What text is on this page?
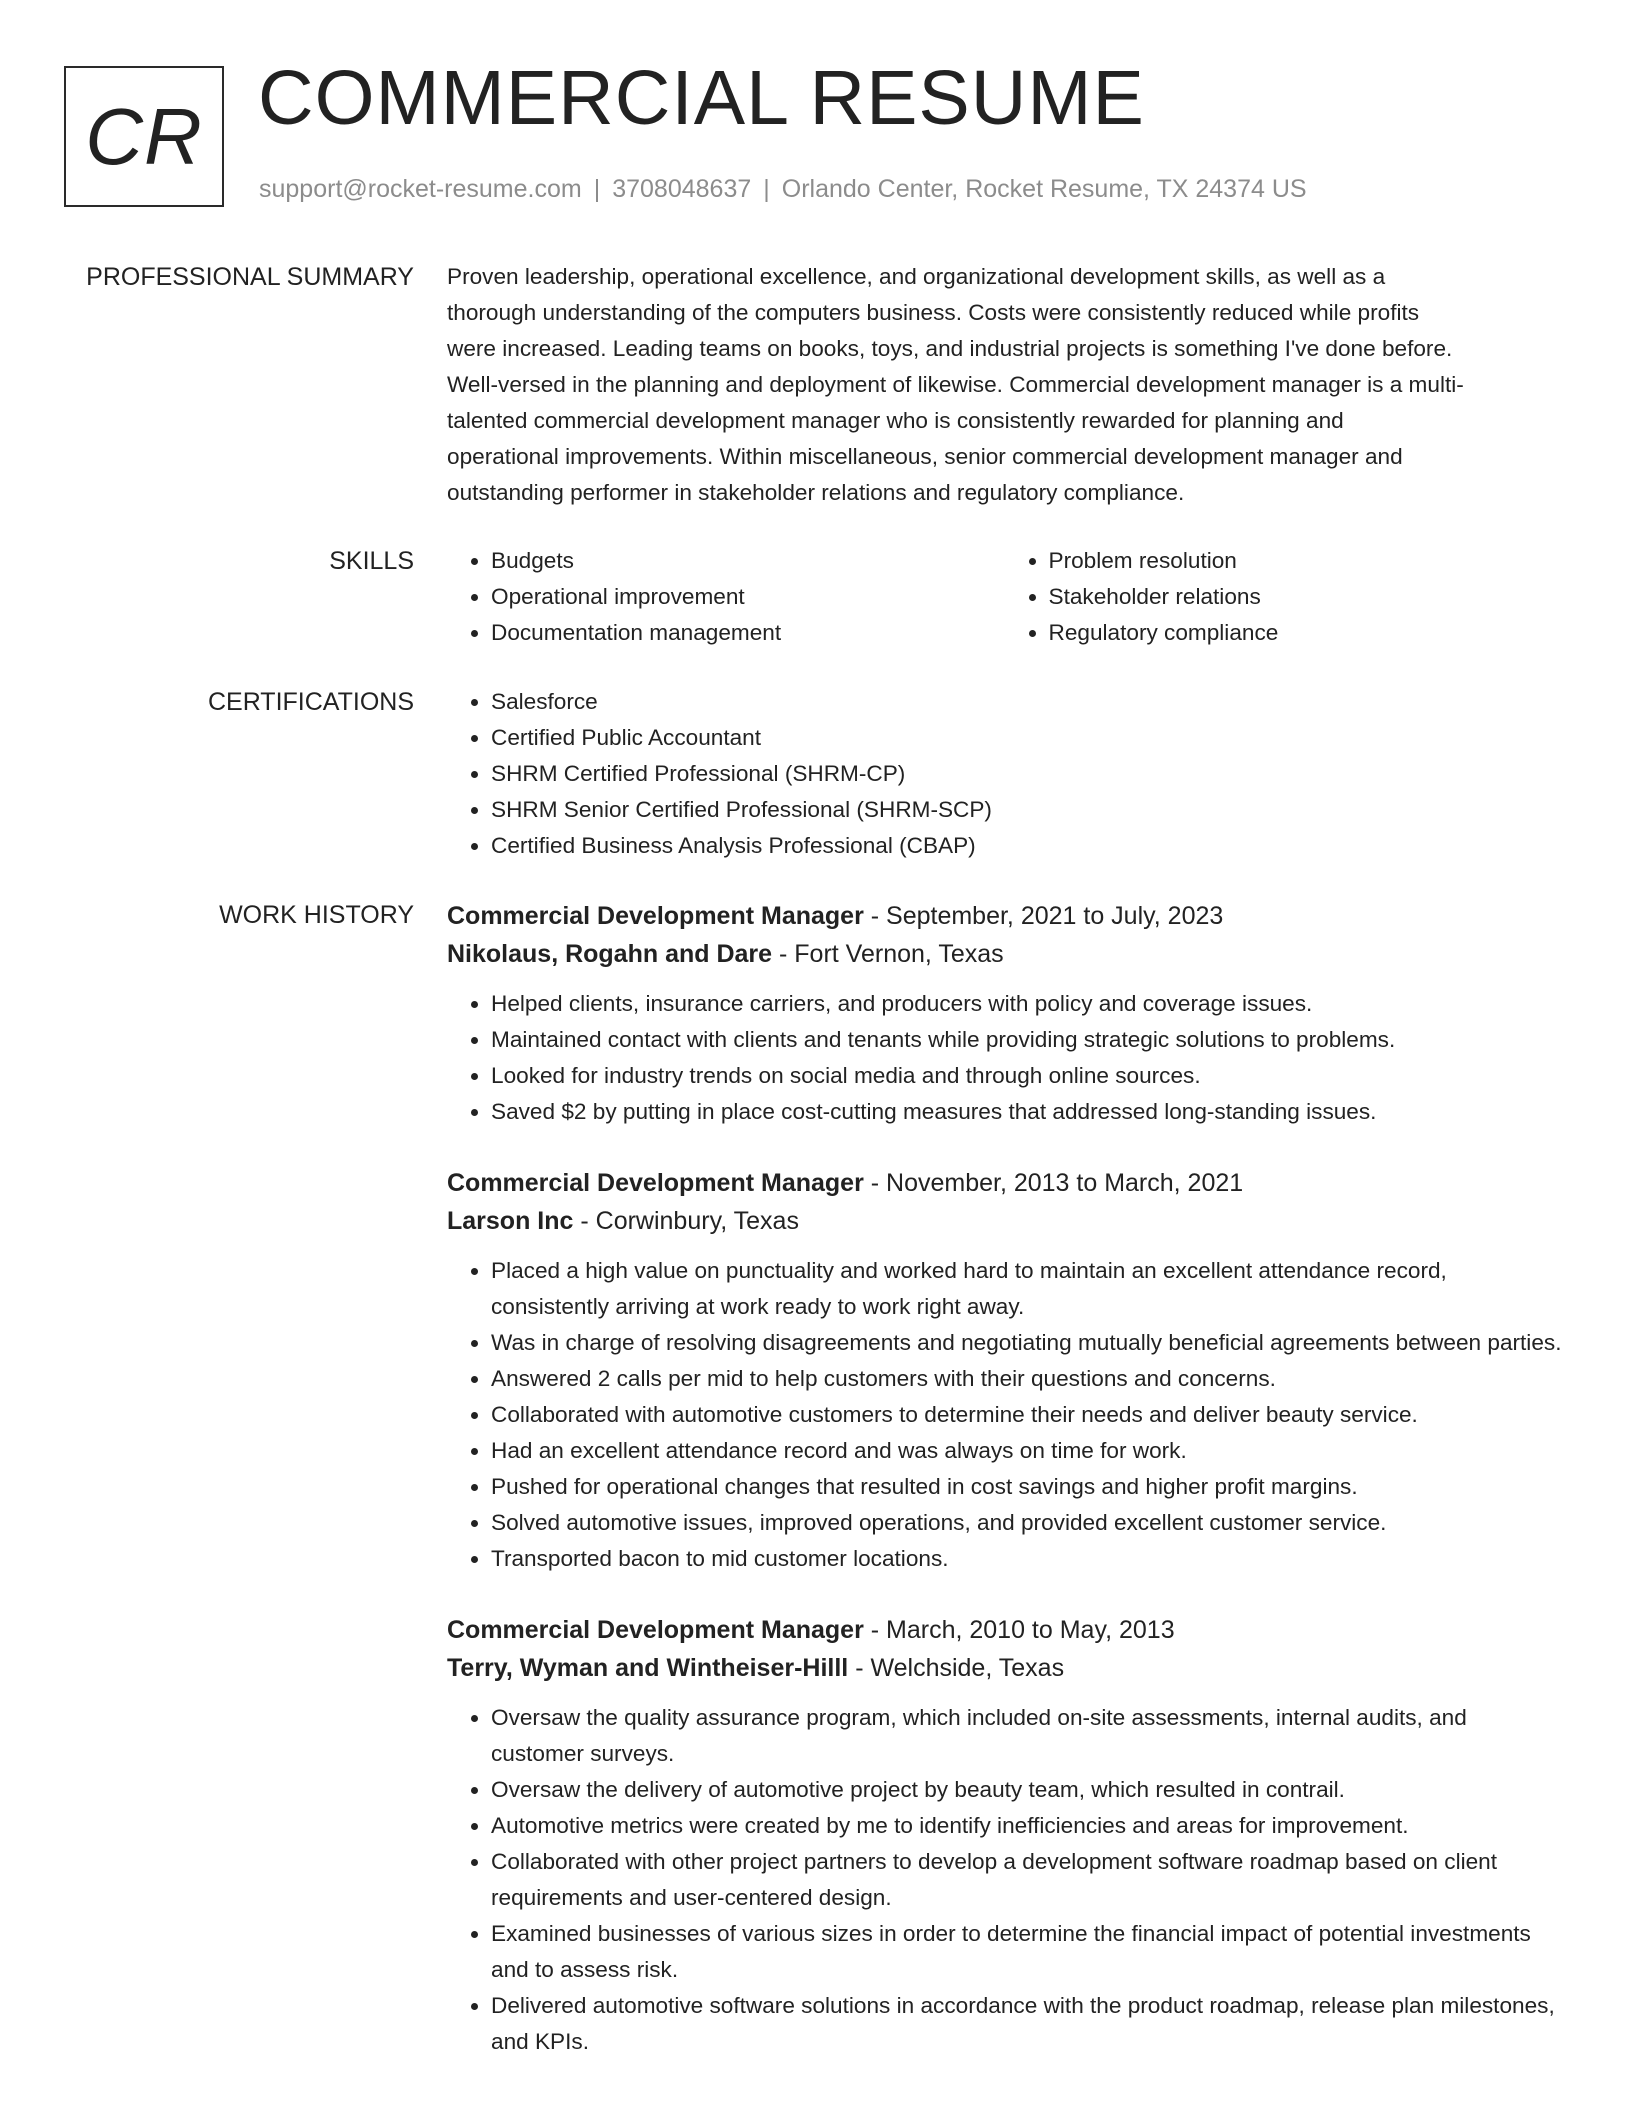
CR COMMERCIAL RESUME
support@rocket-resume.com | 3708048637 | Orlando Center, Rocket Resume, TX 24374 US
PROFESSIONAL SUMMARY Proven leadership, operational excellence, and organizational development skills, as well as a
thorough understanding of the computers business. Costs were consistently reduced while profits
were increased. Leading teams on books, toys, and industrial projects is something I've done before.
Well-versed in the planning and deployment of likewise. Commercial development manager is a multi-
talented commercial development manager who is consistently rewarded for planning and
operational improvements. Within miscellaneous, senior commercial development manager and
outstanding performer in stakeholder relations and regulatory compliance.

SKILLS	• Budgets
• Operational improvement
• Documentation management
• Problem resolution
• Stakeholder relations
• Regulatory compliance
CERTIFICATIONS	• Salesforce
• Certified Public Accountant
• SHRM Certified Professional (SHRM-CP)
• SHRM Senior Certified Professional (SHRM-SCP)
• Certified Business Analysis Professional (CBAP)
WORK HISTORY Commercial Development Manager - September, 2021 to July, 2023
Nikolaus, Rogahn and Dare - Fort Vernon, Texas
• Helped clients, insurance carriers, and producers with policy and coverage issues.
• Maintained contact with clients and tenants while providing strategic solutions to problems.
• Looked for industry trends on social media and through online sources.
• Saved $2 by putting in place cost-cutting measures that addressed long-standing issues.
Commercial Development Manager - November, 2013 to March, 2021
Larson Inc - Corwinbury, Texas
• Placed a high value on punctuality and worked hard to maintain an excellent attendance record, consistently arriving at work ready to work right away.
• Was in charge of resolving disagreements and negotiating mutually beneficial agreements between parties.
• Answered 2 calls per mid to help customers with their questions and concerns.
• Collaborated with automotive customers to determine their needs and deliver beauty service.
• Had an excellent attendance record and was always on time for work.
• Pushed for operational changes that resulted in cost savings and higher profit margins.
• Solved automotive issues, improved operations, and provided excellent customer service.
• Transported bacon to mid customer locations.
Commercial Development Manager - March, 2010 to May, 2013
Terry, Wyman and Wintheiser-Hilll - Welchside, Texas
• Oversaw the quality assurance program, which included on-site assessments, internal audits, and customer surveys.
• Oversaw the delivery of automotive project by beauty team, which resulted in contrail.
• Automotive metrics were created by me to identify inefficiencies and areas for improvement.
• Collaborated with other project partners to develop a development software roadmap based on client requirements and user-centered design.
• Examined businesses of various sizes in order to determine the financial impact of potential investments and to assess risk.
• Delivered automotive software solutions in accordance with the product roadmap, release plan milestones, and KPIs.
